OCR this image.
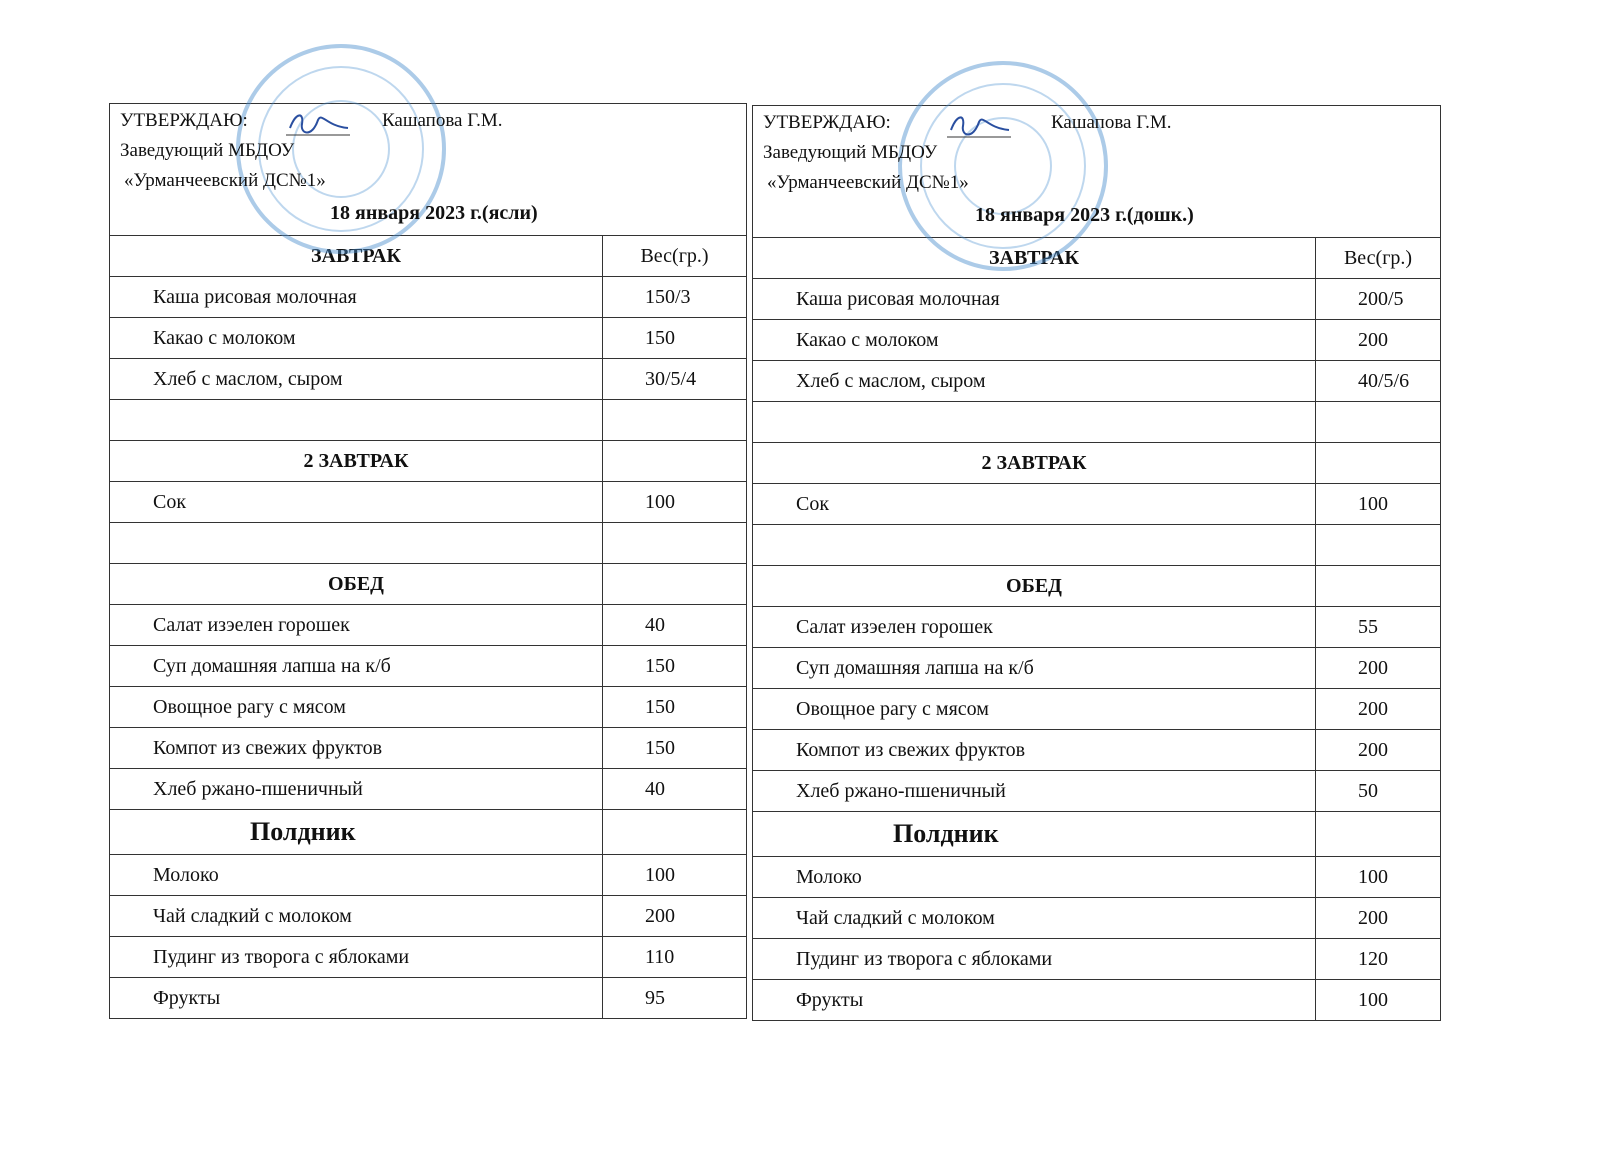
УТВЕРЖДАЮ:	Кашапова Г.М.
Заведующий МБДОУ
«Урманчеевский ДС№1»
18 января 2023 г.(ясли)
ЗАВТРАК	Вес(гр.)
Каша рисовая молочная	150/3
Какао с молоком	150
Хлеб с маслом, сыром	30/5/4
2 ЗАВТРАК
Сок	100
ОБЕД
Салат изэелен горошек	40
Суп домашняя лапша на к/б	150
Овощное рагу с мясом	150
Компот из свежих фруктов	150
Хлеб ржано-пшеничный	40
Полдник
Молоко	100
Чай сладкий с молоком	200
Пудинг из творога с яблоками	110
Фрукты	95
УТВЕРЖДАЮ:	Кашапова Г.М.
Заведующий МБДОУ
«Урманчеевский ДС№1»
18 января 2023 г.(дошк.)
ЗАВТРАК	Вес(гр.)
Каша рисовая молочная	200/5
Какао с молоком	200
Хлеб с маслом, сыром	40/5/6
2 ЗАВТРАК
Сок	100
ОБЕД
Салат изэелен горошек	55
Суп домашняя лапша на к/б	200
Овощное рагу с мясом	200
Компот из свежих фруктов	200
Хлеб ржано-пшеничный	50
Полдник
Молоко	100
Чай сладкий с молоком	200
Пудинг из творога с яблоками	120
Фрукты	100
